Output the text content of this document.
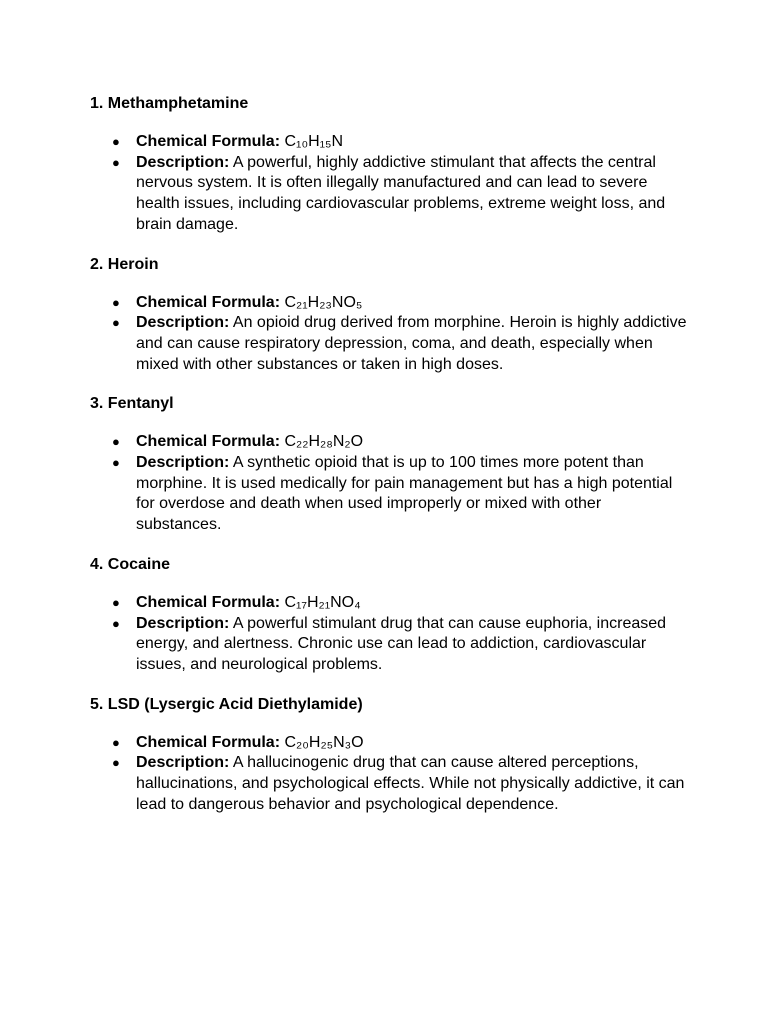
1. Methamphetamine
● Chemical Formula: C₁₀H₁₅N
● Description: A powerful, highly addictive stimulant that affects the central nervous system. It is often illegally manufactured and can lead to severe health issues, including cardiovascular problems, extreme weight loss, and brain damage.
2. Heroin
● Chemical Formula: C₂₁H₂₃NO₅
● Description: An opioid drug derived from morphine. Heroin is highly addictive and can cause respiratory depression, coma, and death, especially when mixed with other substances or taken in high doses.
3. Fentanyl
● Chemical Formula: C₂₂H₂₈N₂O
● Description: A synthetic opioid that is up to 100 times more potent than morphine. It is used medically for pain management but has a high potential for overdose and death when used improperly or mixed with other substances.
4. Cocaine
● Chemical Formula: C₁₇H₂₁NO₄
● Description: A powerful stimulant drug that can cause euphoria, increased energy, and alertness. Chronic use can lead to addiction, cardiovascular issues, and neurological problems.
5. LSD (Lysergic Acid Diethylamide)
● Chemical Formula: C₂₀H₂₅N₃O
● Description: A hallucinogenic drug that can cause altered perceptions, hallucinations, and psychological effects. While not physically addictive, it can lead to dangerous behavior and psychological dependence.
